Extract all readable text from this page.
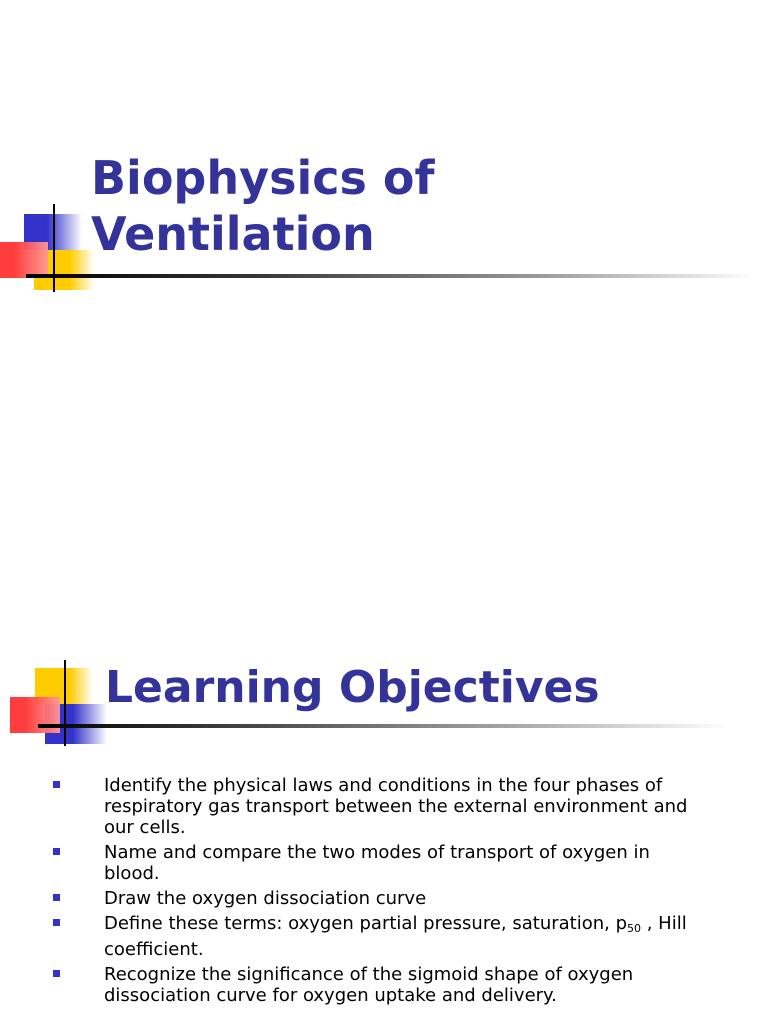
Biophysics of
Ventilation
Learning Objectives
Identify the physical laws and conditions in the four phases of respiratory gas transport between the external environment and our cells.
Name and compare the two modes of transport of oxygen in blood.
Draw the oxygen dissociation curve
Define these terms: oxygen partial pressure, saturation, $p_{50}$ , Hill coefficient.
Recognize the significance of the sigmoid shape of oxygen dissociation curve for oxygen uptake and delivery.
